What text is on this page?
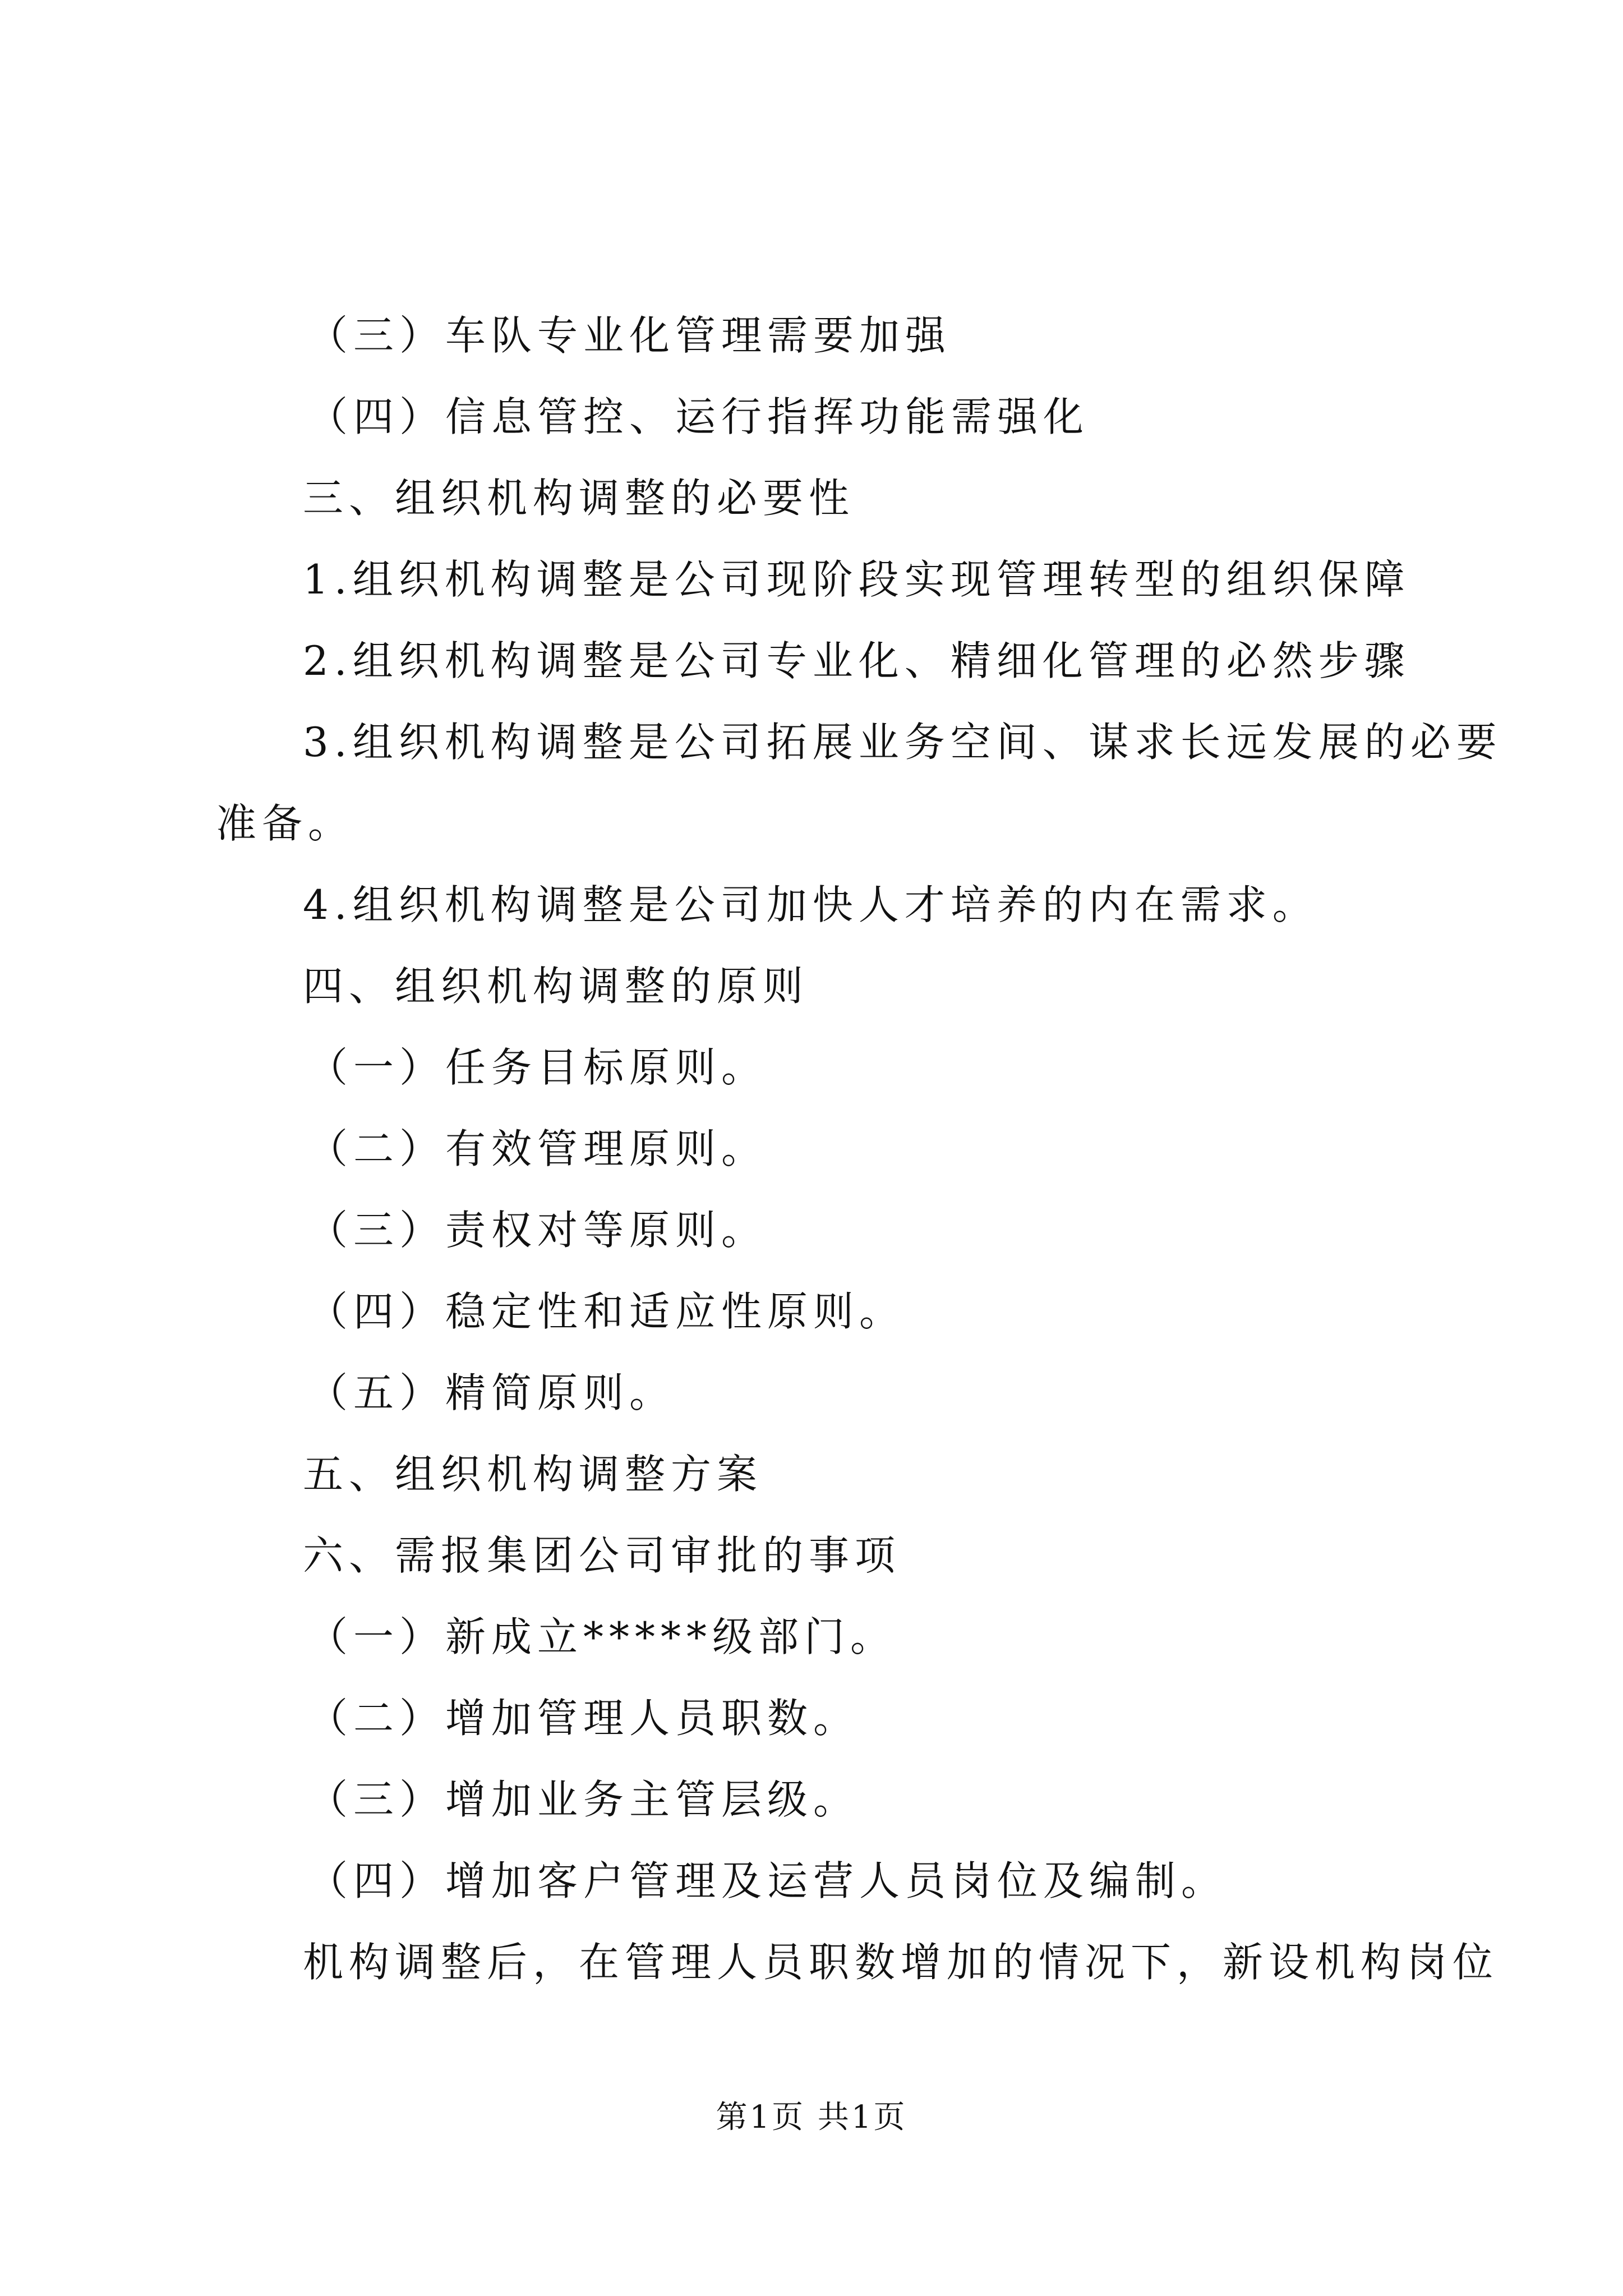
（三）车队专业化管理需要加强
（四）信息管控、运行指挥功能需强化
三、组织机构调整的必要性
1.组织机构调整是公司现阶段实现管理转型的组织保障
2.组织机构调整是公司专业化、精细化管理的必然步骤
3.组织机构调整是公司拓展业务空间、谋求长远发展的必要
准备。
4.组织机构调整是公司加快人才培养的内在需求。
四、组织机构调整的原则
（一）任务目标原则。
（二）有效管理原则。
（三）责权对等原则。
（四）稳定性和适应性原则。
（五）精简原则。
五、组织机构调整方案
六、需报集团公司审批的事项
（一）新成立*****级部门。
（二）增加管理人员职数。
（三）增加业务主管层级。
（四）增加客户管理及运营人员岗位及编制。
机构调整后，在管理人员职数增加的情况下，新设机构岗位
第1页 共1页
